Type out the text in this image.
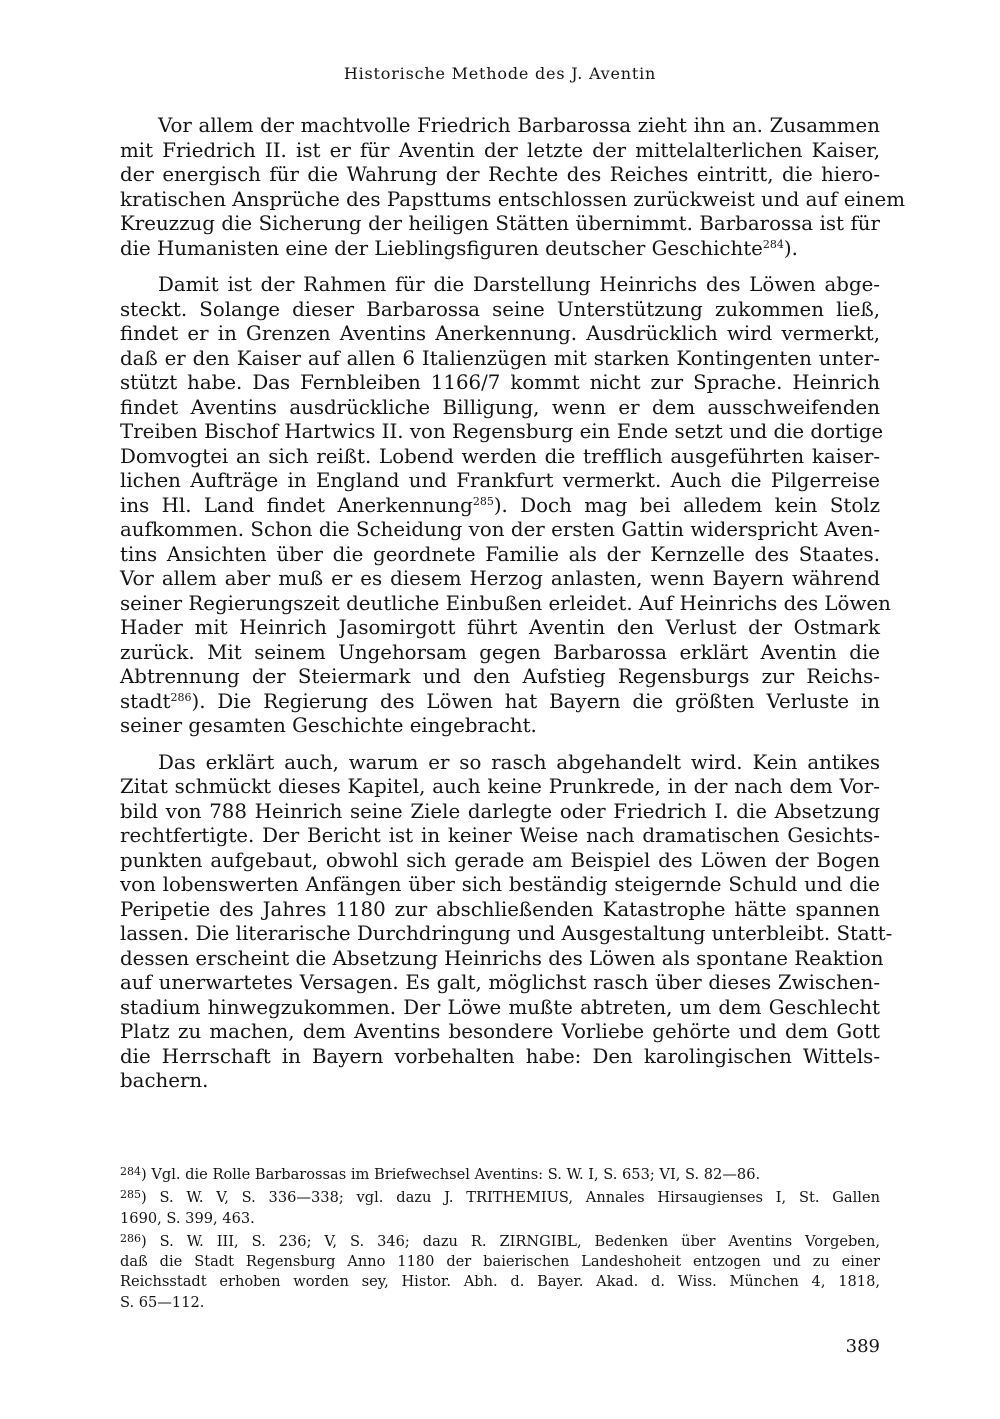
Historische Methode des J. Aventin

Vor allem der machtvolle Friedrich Barbarossa zieht ihn an. Zusammen
mit Friedrich II. ist er für Aventin der letzte der mittelalterlichen Kaiser,
der energisch für die Wahrung der Rechte des Reiches eintritt, die hiero-
kratischen Ansprüche des Papsttums entschlossen zurückweist und auf einem
Kreuzzug die Sicherung der heiligen Stätten übernimmt. Barbarossa ist für
die Humanisten eine der Lieblingsfiguren deutscher Geschichte$^{284}$).

Damit ist der Rahmen für die Darstellung Heinrichs des Löwen abge-
steckt. Solange dieser Barbarossa seine Unterstützung zukommen ließ,
findet er in Grenzen Aventins Anerkennung. Ausdrücklich wird vermerkt,
daß er den Kaiser auf allen 6 Italienzügen mit starken Kontingenten unter-
stützt habe. Das Fernbleiben 1166/7 kommt nicht zur Sprache. Heinrich
findet Aventins ausdrückliche Billigung, wenn er dem ausschweifenden
Treiben Bischof Hartwics II. von Regensburg ein Ende setzt und die dortige
Domvogtei an sich reißt. Lobend werden die trefflich ausgeführten kaiser-
lichen Aufträge in England und Frankfurt vermerkt. Auch die Pilgerreise
ins Hl. Land findet Anerkennung$^{285}$). Doch mag bei alledem kein Stolz
aufkommen. Schon die Scheidung von der ersten Gattin widerspricht Aven-
tins Ansichten über die geordnete Familie als der Kernzelle des Staates.
Vor allem aber muß er es diesem Herzog anlasten, wenn Bayern während
seiner Regierungszeit deutliche Einbußen erleidet. Auf Heinrichs des Löwen
Hader mit Heinrich Jasomirgott führt Aventin den Verlust der Ostmark
zurück. Mit seinem Ungehorsam gegen Barbarossa erklärt Aventin die
Abtrennung der Steiermark und den Aufstieg Regensburgs zur Reichs-
stadt$^{286}$). Die Regierung des Löwen hat Bayern die größten Verluste in
seiner gesamten Geschichte eingebracht.

Das erklärt auch, warum er so rasch abgehandelt wird. Kein antikes
Zitat schmückt dieses Kapitel, auch keine Prunkrede, in der nach dem Vor-
bild von 788 Heinrich seine Ziele darlegte oder Friedrich I. die Absetzung
rechtfertigte. Der Bericht ist in keiner Weise nach dramatischen Gesichts-
punkten aufgebaut, obwohl sich gerade am Beispiel des Löwen der Bogen
von lobenswerten Anfängen über sich beständig steigernde Schuld und die
Peripetie des Jahres 1180 zur abschließenden Katastrophe hätte spannen
lassen. Die literarische Durchdringung und Ausgestaltung unterbleibt. Statt-
dessen erscheint die Absetzung Heinrichs des Löwen als spontane Reaktion
auf unerwartetes Versagen. Es galt, möglichst rasch über dieses Zwischen-
stadium hinwegzukommen. Der Löwe mußte abtreten, um dem Geschlecht
Platz zu machen, dem Aventins besondere Vorliebe gehörte und dem Gott
die Herrschaft in Bayern vorbehalten habe: Den karolingischen Wittels-
bachern.

$^{284}$) Vgl. die Rolle Barbarossas im Briefwechsel Aventins: S. W. I, S. 653; VI, S. 82—86.
$^{285}$) S. W. V, S. 336—338; vgl. dazu J. TRITHEMIUS, Annales Hirsaugienses I, St. Gallen
1690, S. 399, 463.
$^{286}$) S. W. III, S. 236; V, S. 346; dazu R. ZIRNGIBL, Bedenken über Aventins Vorgeben,
daß die Stadt Regensburg Anno 1180 der baierischen Landeshoheit entzogen und zu einer
Reichsstadt erhoben worden sey, Histor. Abh. d. Bayer. Akad. d. Wiss. München 4, 1818,
S. 65—112.
389
